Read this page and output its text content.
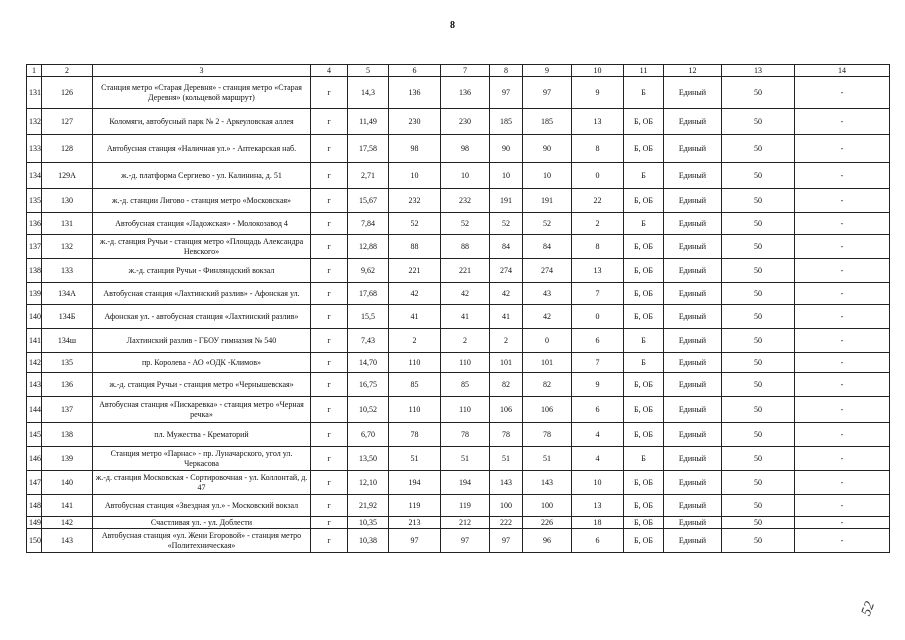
8
1	2	3	4	5	6	7	8	9	10	11	12	13	14
131	126	Станция метро «Старая Деревня» - станция метро «Старая Деревня» (кольцевой маршрут)	г	14,3	136	136	97	97	9	Б	Единый	50	-
132	127	Коломяги, автобусный парк № 2 - Аркеуловская аллея	г	11,49	230	230	185	185	13	Б, ОБ	Единый	50	-
133	128	Автобусная станция «Наличная ул.» - Аптекарская наб.	г	17,58	98	98	90	90	8	Б, ОБ	Единый	50	-
134	129А	ж.-д. платформа Сергиево - ул. Калинина, д. 51	г	2,71	10	10	10	10	0	Б	Единый	50	-
135	130	ж.-д. станции Лигово - станция метро «Московская»	г	15,67	232	232	191	191	22	Б, ОБ	Единый	50	-
136	131	Автобусная станция «Ладожская» - Молокозавод 4	г	7,84	52	52	52	52	2	Б	Единый	50	-
137	132	ж.-д. станция Ручьи - станция метро «Площадь Александра Невского»	г	12,88	88	88	84	84	8	Б, ОБ	Единый	50	-
138	133	ж.-д. станция Ручьи - Финляндский вокзал	г	9,62	221	221	274	274	13	Б, ОБ	Единый	50	-
139	134А	Автобусная станция «Лахтинский разлив» - Афонская ул.	г	17,68	42	42	42	43	7	Б, ОБ	Единый	50	-
140	134Б	Афонская ул. - автобусная станция «Лахтинский разлив»	г	15,5	41	41	41	42	0	Б, ОБ	Единый	50	-
141	134ш	Лахтинский разлив - ГБОУ гимназия № 540	г	7,43	2	2	2	0	6	Б	Единый	50	-
142	135	пр. Королева - АО «ОДК -Климов»	г	14,70	110	110	101	101	7	Б	Единый	50	-
143	136	ж.-д. станция Ручьи - станция метро «Чернышевская»	г	16,75	85	85	82	82	9	Б, ОБ	Единый	50	-
144	137	Автобусная станция «Пискаревка» - станция метро «Черная речка»	г	10,52	110	110	106	106	6	Б, ОБ	Единый	50	-
145	138	пл. Мужества - Крематорий	г	6,70	78	78	78	78	4	Б, ОБ	Единый	50	-
146	139	Станция метро «Парнас» - пр. Луначарского, угол ул. Черкасова	г	13,50	51	51	51	51	4	Б	Единый	50	-
147	140	ж.-д. станция Московская - Сортировочная - ул. Коллонтай, д. 47	г	12,10	194	194	143	143	10	Б, ОБ	Единый	50	-
148	141	Автобусная станция «Звездная ул.» - Московский вокзал	г	21,92	119	119	100	100	13	Б, ОБ	Единый	50	-
149	142	Счастливая ул. - ул. Доблести	г	10,35	213	212	222	226	18	Б, ОБ	Единый	50	-
150	143	Автобусная станция «ул. Жени Егоровой» - станция метро «Политехническая»	г	10,38	97	97	97	96	6	Б, ОБ	Единый	50	-
52
